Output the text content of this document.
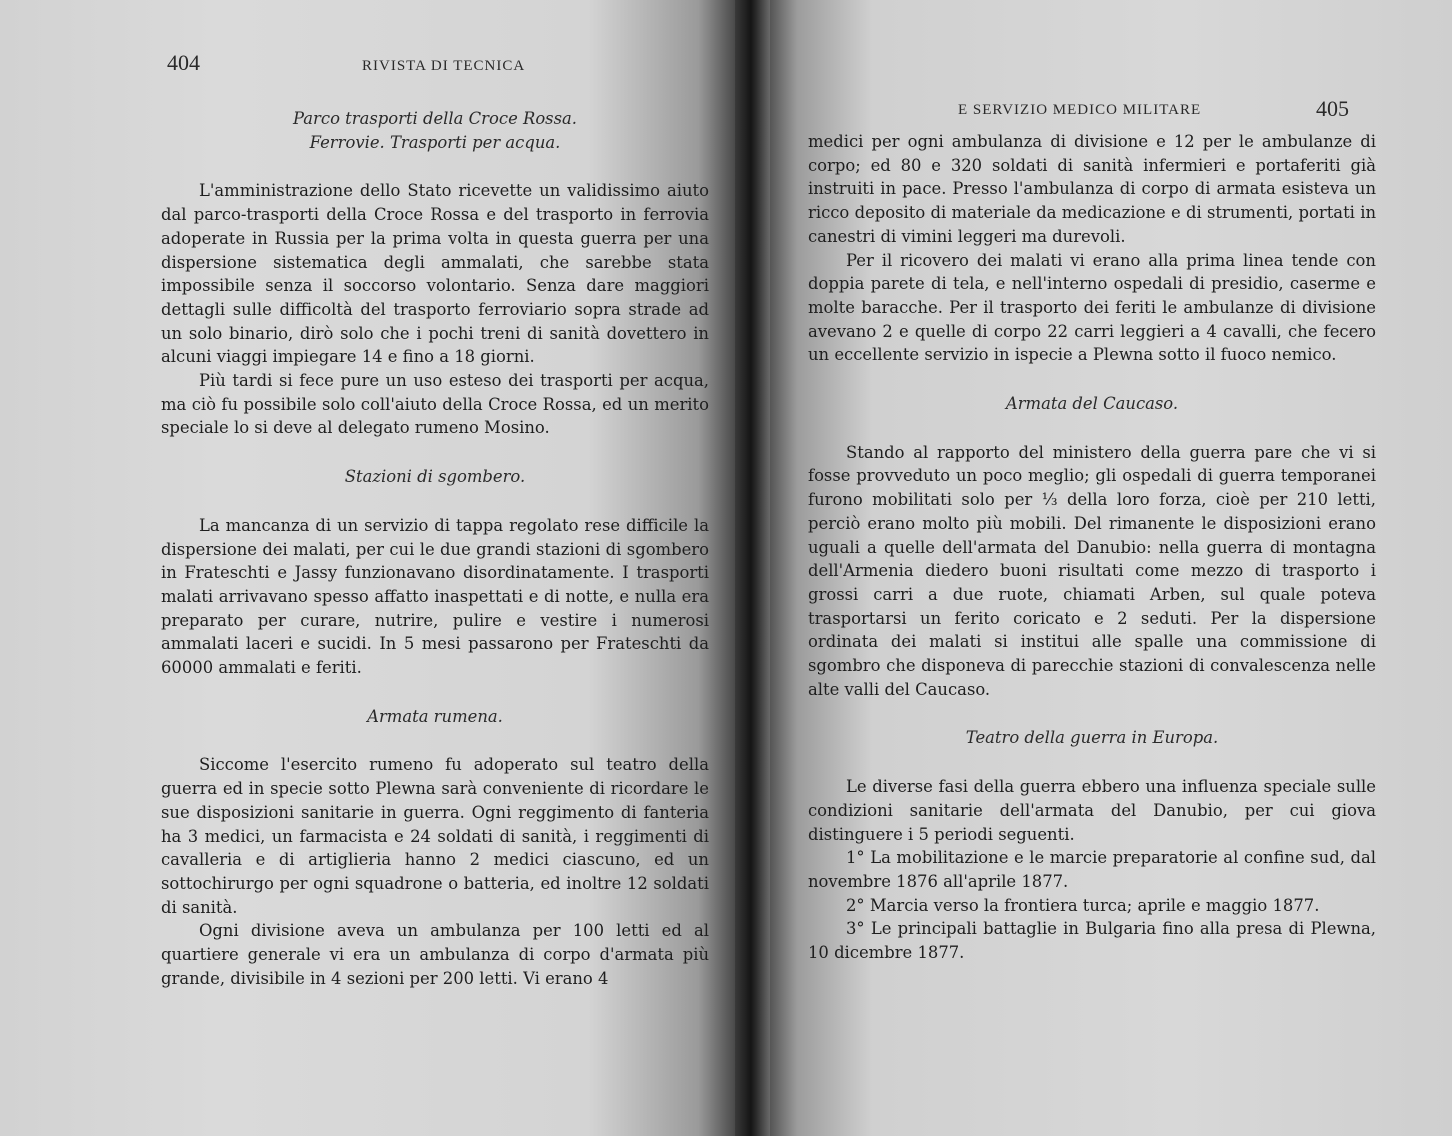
404	RIVISTA DI TECNICA

Parco trasporti della Croce Rossa.

Ferrovie. Trasporti per acqua.

L'amministrazione dello Stato ricevette un validissimo aiuto dal parco-trasporti della Croce Rossa e del trasporto in ferrovia adoperate in Russia per la prima volta in questa guerra per una dispersione sistematica degli ammalati, che sarebbe stata impossibile senza il soccorso volontario. Senza dare maggiori dettagli sulle difficoltà del trasporto ferroviario sopra strade ad un solo binario, dirò solo che i pochi treni di sanità dovettero in alcuni viaggi impiegare 14 e fino a 18 giorni.

Più tardi si fece pure un uso esteso dei trasporti per acqua, ma ciò fu possibile solo coll'aiuto della Croce Rossa, ed un merito speciale lo si deve al delegato rumeno Mosino.

Stazioni di sgombero.

La mancanza di un servizio di tappa regolato rese difficile la dispersione dei malati, per cui le due grandi stazioni di sgombero in Frateschti e Jassy funzionavano disordinatamente. I trasporti malati arrivavano spesso affatto inaspettati e di notte, e nulla era preparato per curare, nutrire, pulire e vestire i numerosi ammalati laceri e sucidi. In 5 mesi passarono per Frateschti da 60000 ammalati e feriti.

Armata rumena.

Siccome l'esercito rumeno fu adoperato sul teatro della guerra ed in specie sotto Plewna sarà conveniente di ricordare le sue disposizioni sanitarie in guerra. Ogni reggimento di fanteria ha 3 medici, un farmacista e 24 soldati di sanità, i reggimenti di cavalleria e di artiglieria hanno 2 medici ciascuno, ed un sottochirurgo per ogni squadrone o batteria, ed inoltre 12 soldati di sanità.

Ogni divisione aveva un ambulanza per 100 letti ed al quartiere generale vi era un ambulanza di corpo d'armata più grande, divisibile in 4 sezioni per 200 letti. Vi erano 4

E SERVIZIO MEDICO MILITARE	405

medici per ogni ambulanza di divisione e 12 per le ambulanze di corpo; ed 80 e 320 soldati di sanità infermieri e portaferiti già instruiti in pace. Presso l'ambulanza di corpo di armata esisteva un ricco deposito di materiale da medicazione e di strumenti, portati in canestri di vimini leggeri ma durevoli.

Per il ricovero dei malati vi erano alla prima linea tende con doppia parete di tela, e nell'interno ospedali di presidio, caserme e molte baracche. Per il trasporto dei feriti le ambulanze di divisione avevano 2 e quelle di corpo 22 carri leggieri a 4 cavalli, che fecero un eccellente servizio in ispecie a Plewna sotto il fuoco nemico.

Armata del Caucaso.

Stando al rapporto del ministero della guerra pare che vi si fosse provveduto un poco meglio; gli ospedali di guerra temporanei furono mobilitati solo per ⅓ della loro forza, cioè per 210 letti, perciò erano molto più mobili. Del rimanente le disposizioni erano uguali a quelle dell'armata del Danubio: nella guerra di montagna dell'Armenia diedero buoni risultati come mezzo di trasporto i grossi carri a due ruote, chiamati Arben, sul quale poteva trasportarsi un ferito coricato e 2 seduti. Per la dispersione ordinata dei malati si institui alle spalle una commissione di sgombro che disponeva di parecchie stazioni di convalescenza nelle alte valli del Caucaso.

Teatro della guerra in Europa.

Le diverse fasi della guerra ebbero una influenza speciale sulle condizioni sanitarie dell'armata del Danubio, per cui giova distinguere i 5 periodi seguenti.

1° La mobilitazione e le marcie preparatorie al confine sud, dal novembre 1876 all'aprile 1877.

2° Marcia verso la frontiera turca; aprile e maggio 1877.

3° Le principali battaglie in Bulgaria fino alla presa di Plewna, 10 dicembre 1877.
